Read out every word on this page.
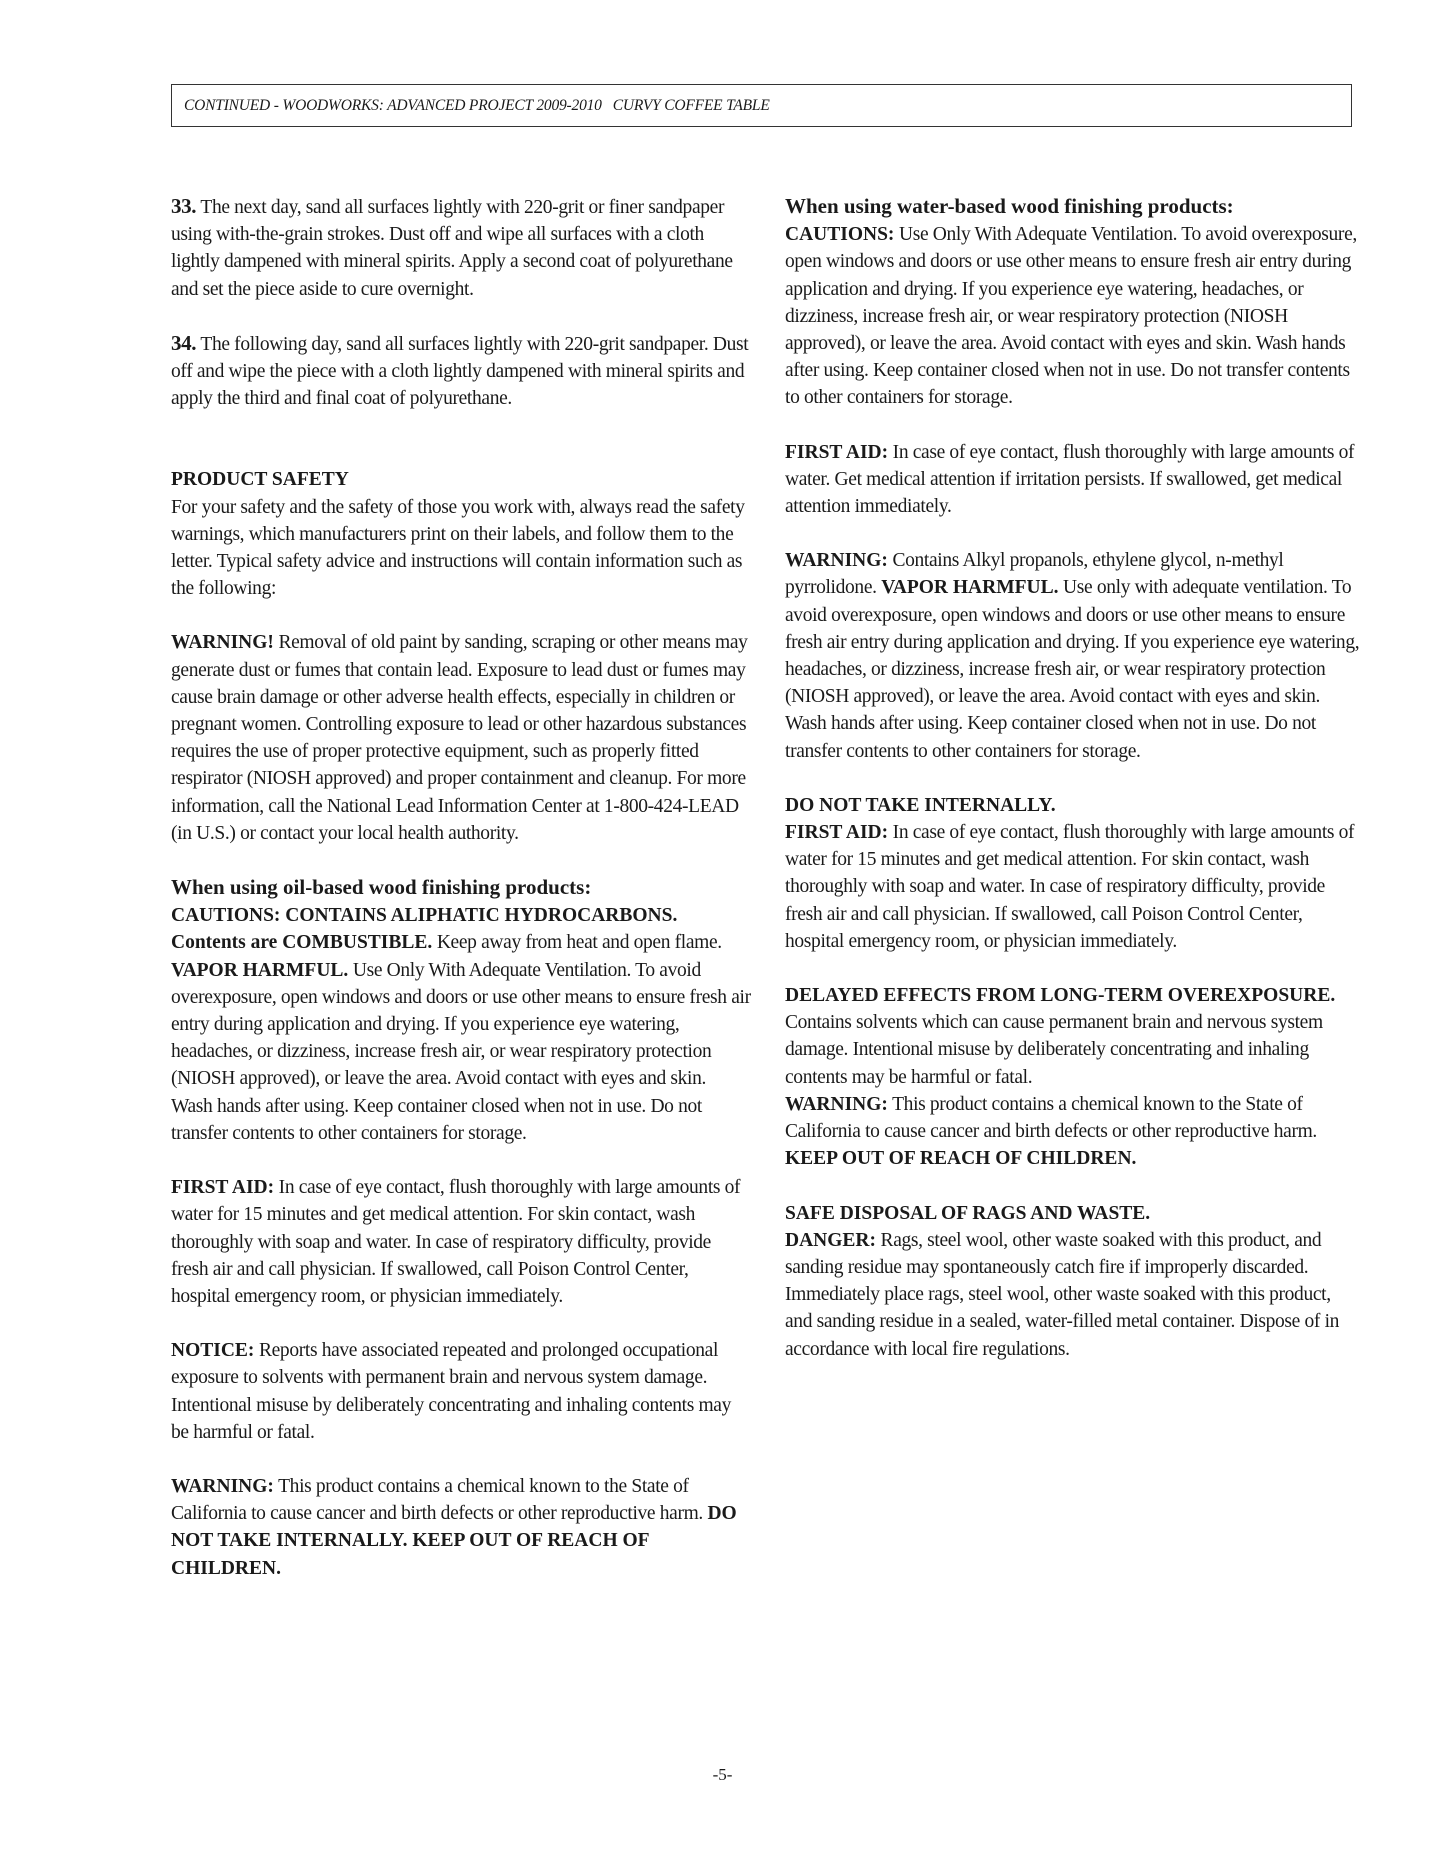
CONTINUED - WOODWORKS: ADVANCED PROJECT 2009-2010   CURVY COFFEE TABLE

33. The next day, sand all surfaces lightly with 220-grit or finer sandpaper using with-the-grain strokes. Dust off and wipe all surfaces with a cloth lightly dampened with mineral spirits. Apply a second coat of polyurethane and set the piece aside to cure overnight.

34. The following day, sand all surfaces lightly with 220-grit sandpaper. Dust off and wipe the piece with a cloth lightly dampened with mineral spirits and apply the third and final coat of polyurethane.

PRODUCT SAFETY

For your safety and the safety of those you work with, always read the safety warnings, which manufacturers print on their labels, and follow them to the letter. Typical safety advice and instructions will contain information such as the following:

WARNING! Removal of old paint by sanding, scraping or other means may generate dust or fumes that contain lead. Exposure to lead dust or fumes may cause brain damage or other adverse health effects, especially in children or pregnant women. Controlling exposure to lead or other hazardous substances requires the use of proper protective equipment, such as properly fitted respirator (NIOSH approved) and proper containment and cleanup. For more information, call the National Lead Information Center at 1-800-424-LEAD (in U.S.) or contact your local health authority.

When using oil-based wood finishing products:
CAUTIONS: CONTAINS ALIPHATIC HYDROCARBONS.
Contents are COMBUSTIBLE. Keep away from heat and open flame. VAPOR HARMFUL. Use Only With Adequate Ventilation. To avoid overexposure, open windows and doors or use other means to ensure fresh air entry during application and drying. If you experience eye watering, headaches, or dizziness, increase fresh air, or wear respiratory protection (NIOSH approved), or leave the area. Avoid contact with eyes and skin. Wash hands after using. Keep container closed when not in use. Do not transfer contents to other containers for storage.

FIRST AID: In case of eye contact, flush thoroughly with large amounts of water for 15 minutes and get medical attention. For skin contact, wash thoroughly with soap and water. In case of respiratory difficulty, provide fresh air and call physician. If swallowed, call Poison Control Center, hospital emergency room, or physician immediately.

NOTICE: Reports have associated repeated and prolonged occupational exposure to solvents with permanent brain and nervous system damage. Intentional misuse by deliberately concentrating and inhaling contents may be harmful or fatal.

WARNING: This product contains a chemical known to the State of California to cause cancer and birth defects or other reproductive harm. DO NOT TAKE INTERNALLY. KEEP OUT OF REACH OF CHILDREN.

When using water-based wood finishing products:
CAUTIONS: Use Only With Adequate Ventilation. To avoid overexposure, open windows and doors or use other means to ensure fresh air entry during application and drying. If you experience eye watering, headaches, or dizziness, increase fresh air, or wear respiratory protection (NIOSH approved), or leave the area. Avoid contact with eyes and skin. Wash hands after using. Keep container closed when not in use. Do not transfer contents to other containers for storage.

FIRST AID: In case of eye contact, flush thoroughly with large amounts of water. Get medical attention if irritation persists. If swallowed, get medical attention immediately.

WARNING: Contains Alkyl propanols, ethylene glycol, n-methyl pyrrolidone. VAPOR HARMFUL. Use only with adequate ventilation. To avoid overexposure, open windows and doors or use other means to ensure fresh air entry during application and drying. If you experience eye watering, headaches, or dizziness, increase fresh air, or wear respiratory protection (NIOSH approved), or leave the area. Avoid contact with eyes and skin. Wash hands after using. Keep container closed when not in use. Do not transfer contents to other containers for storage.

DO NOT TAKE INTERNALLY.
FIRST AID: In case of eye contact, flush thoroughly with large amounts of water for 15 minutes and get medical attention. For skin contact, wash thoroughly with soap and water. In case of respiratory difficulty, provide fresh air and call physician. If swallowed, call Poison Control Center, hospital emergency room, or physician immediately.

DELAYED EFFECTS FROM LONG-TERM OVEREXPOSURE.
Contains solvents which can cause permanent brain and nervous system damage. Intentional misuse by deliberately concentrating and inhaling contents may be harmful or fatal.
WARNING: This product contains a chemical known to the State of California to cause cancer and birth defects or other reproductive harm. KEEP OUT OF REACH OF CHILDREN.

SAFE DISPOSAL OF RAGS AND WASTE.
DANGER: Rags, steel wool, other waste soaked with this product, and sanding residue may spontaneously catch fire if improperly discarded. Immediately place rags, steel wool, other waste soaked with this product, and sanding residue in a sealed, water-filled metal container. Dispose of in accordance with local fire regulations.

-5-
